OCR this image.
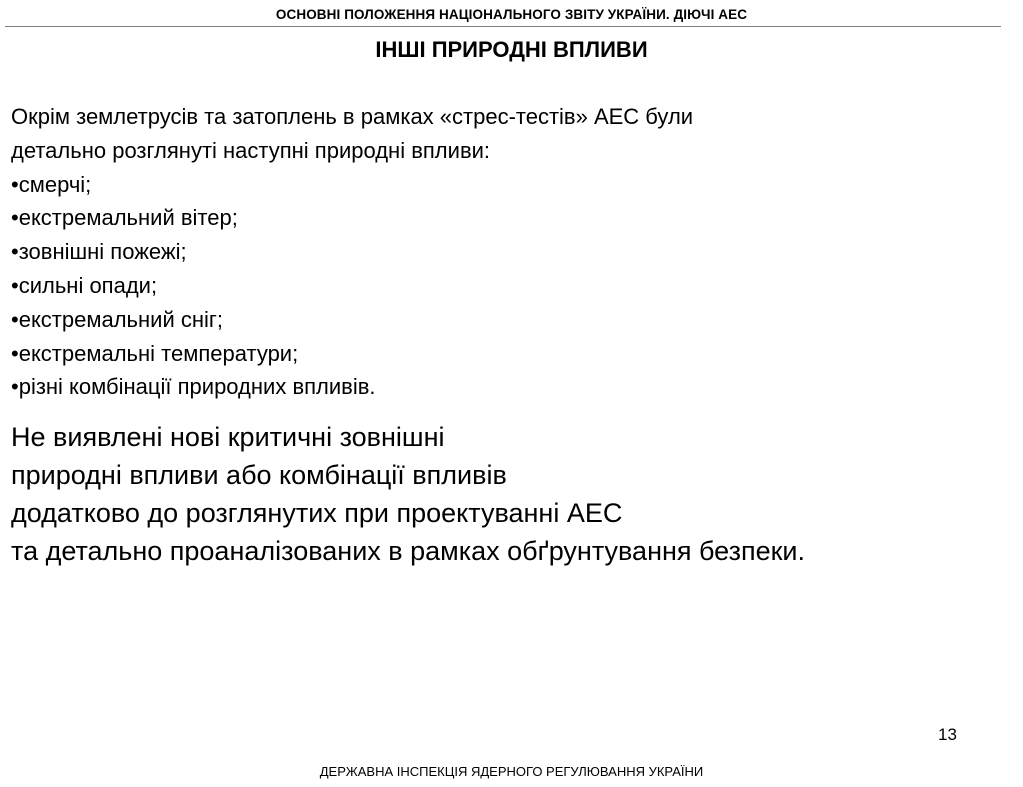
ОСНОВНІ ПОЛОЖЕННЯ НАЦІОНАЛЬНОГО ЗВІТУ УКРАЇНИ. ДІЮЧІ АЕС
ІНШІ ПРИРОДНІ ВПЛИВИ

Окрім землетрусів та затоплень в рамках «стрес-тестів» АЕС були

детально розглянуті наступні природні впливи:

•смерчі;
•екстремальний вітер;
•зовнішні пожежі;
•сильні опади;
•екстремальний сніг;
•екстремальні температури;
•різні комбінації природних впливів.
Не виявлені нові критичні зовнішні
природні впливи або комбінації впливів
додатково до розглянутих при проектуванні АЕС
та детально проаналізованих в рамках обґрунтування безпеки.
13
ДЕРЖАВНА ІНСПЕКЦІЯ ЯДЕРНОГО РЕГУЛЮВАННЯ УКРАЇНИ
